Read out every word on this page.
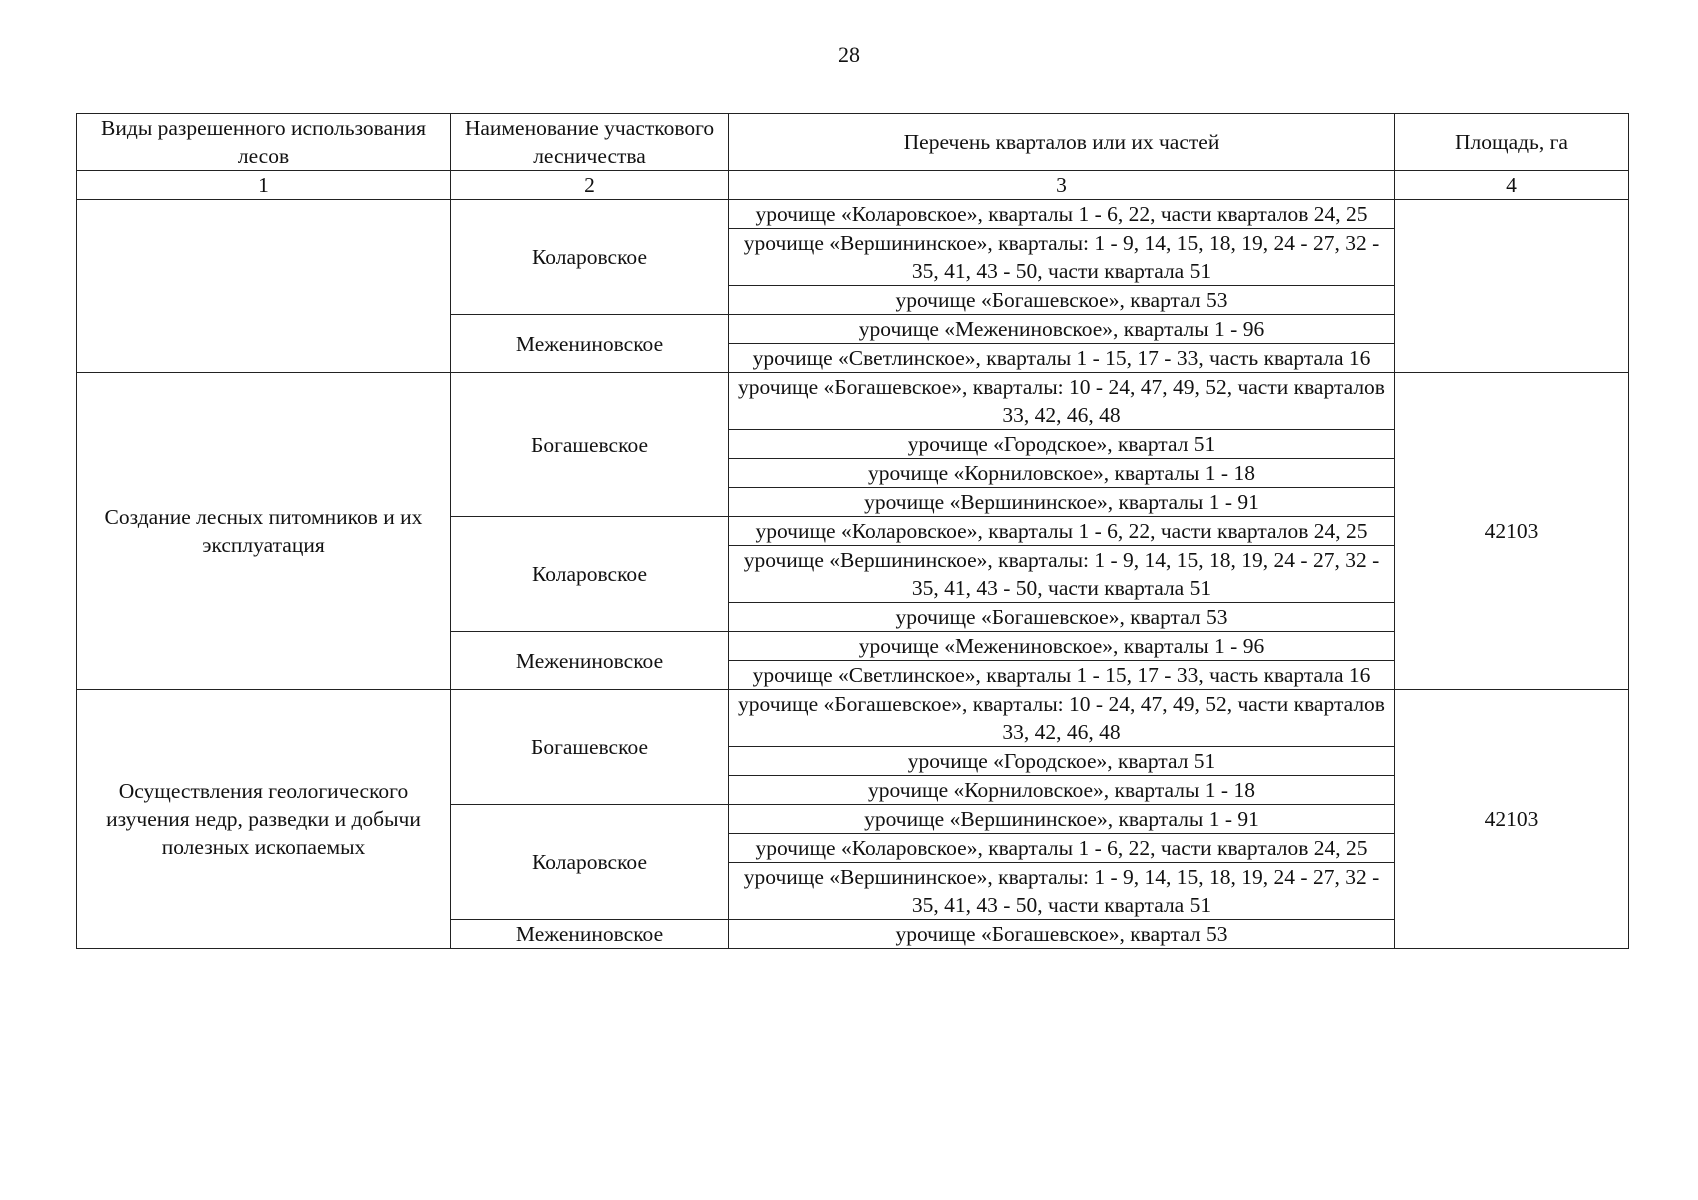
28
Виды разрешенного использования лесов	Наименование участкового лесничества	Перечень кварталов или их частей	Площадь, га
1	2	3	4
	Коларовское	урочище «Коларовское», кварталы 1 - 6, 22, части кварталов 24, 25	
		урочище «Вершининское», кварталы: 1 - 9, 14, 15, 18, 19, 24 - 27, 32 - 35, 41, 43 - 50, части квартала 51	
		урочище «Богашевское», квартал 53	
	Межениновское	урочище «Межениновское», кварталы 1 - 96	
		урочище «Светлинское», кварталы 1 - 15, 17 - 33, часть квартала 16	
Создание лесных питомников и их эксплуатация	Богашевское	урочище «Богашевское», кварталы: 10 - 24, 47, 49, 52, части кварталов 33, 42, 46, 48	42103
		урочище «Городское», квартал 51	
		урочище «Корниловское», кварталы 1 - 18	
		урочище «Вершининское», кварталы 1 - 91	
	Коларовское	урочище «Коларовское», кварталы 1 - 6, 22, части кварталов 24, 25	
		урочище «Вершининское», кварталы: 1 - 9, 14, 15, 18, 19, 24 - 27, 32 - 35, 41, 43 - 50, части квартала 51	
		урочище «Богашевское», квартал 53	
	Межениновское	урочище «Межениновское», кварталы 1 - 96	
		урочище «Светлинское», кварталы 1 - 15, 17 - 33, часть квартала 16	
Осуществления геологического изучения недр, разведки и добычи полезных ископаемых	Богашевское	урочище «Богашевское», кварталы: 10 - 24, 47, 49, 52, части кварталов 33, 42, 46, 48	42103
		урочище «Городское», квартал 51	
		урочище «Корниловское», кварталы 1 - 18	
	Коларовское	урочище «Вершининское», кварталы 1 - 91	
		урочище «Коларовское», кварталы 1 - 6, 22, части кварталов 24, 25	
		урочище «Вершининское», кварталы: 1 - 9, 14, 15, 18, 19, 24 - 27, 32 - 35, 41, 43 - 50, части квартала 51	
	Межениновское	урочище «Богашевское», квартал 53	
